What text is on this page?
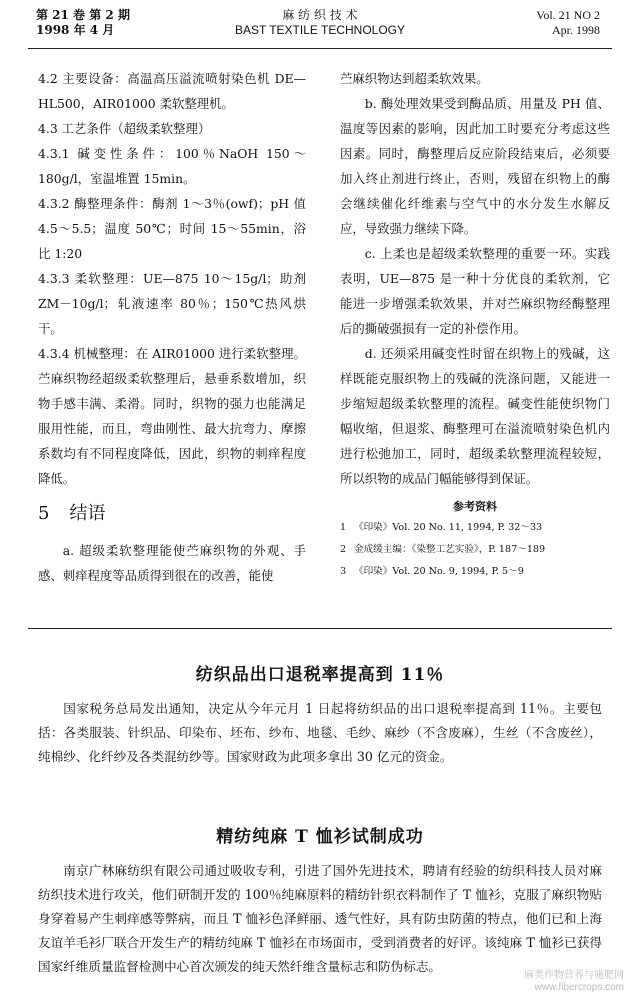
第 21 卷 第 2 期
1998 年 4 月
麻 纺 织 技 术
BAST TEXTILE TECHNOLOGY
Vol. 21 NO 2
Apr. 1998

4.2 主要设备：高温高压溢流喷射染色机 DE—HL500，AIR01000 柔软整理机。

4.3 工艺条件（超级柔软整理）

4.3.1 碱变性条件：100％NaOH 150～180g/l，室温堆置 15min。

4.3.2 酶整理条件：酶剂 1～3％(owf)；pH 值 4.5～5.5；温度 50℃；时间 15～55min，浴比 1:20

4.3.3 柔软整理：UE—875 10～15g/l；助剂 ZM－10g/l；轧液速率 80％；150℃热风烘干。

4.3.4 机械整理：在 AIR01000 进行柔软整理。苎麻织物经超级柔软整理后，悬垂系数增加，织物手感丰满、柔滑。同时，织物的强力也能满足服用性能，而且，弯曲刚性、最大抗弯力、摩擦系数均有不同程度降低，因此，织物的刺痒程度降低。

5 结语

a. 超级柔软整理能使苎麻织物的外观、手感、刺痒程度等品质得到很在的改善，能使

苎麻织物达到超柔软效果。

b. 酶处理效果受到酶品质、用量及 PH 值、温度等因素的影响，因此加工时要充分考虑这些因素。同时，酶整理后反应阶段结束后，必须要加入终止剂进行终止，否则，残留在织物上的酶会继续催化纤维素与空气中的水分发生水解反应，导致强力继续下降。

c. 上柔也是超级柔软整理的重要一环。实践表明，UE—875 是一种十分优良的柔软剂，它能进一步增强柔软效果，并对苎麻织物经酶整理后的撕破强损有一定的补偿作用。

d. 还须采用碱变性时留在织物上的残碱，这样既能克服织物上的残碱的洗涤问题，又能进一步缩短超级柔软整理的流程。碱变性能使织物门幅收缩，但退浆、酶整理可在溢流喷射染色机内进行松弛加工，同时，超级柔软整理流程较短，所以织物的成品门幅能够得到保证。

参考资料
1 《印染》Vol. 20 No. 11, 1994, P. 32～33
2 金成缓主编：《染整工艺实验》，P. 187～189
3 《印染》Vol. 20 No. 9, 1994, P. 5～9
纺织品出口退税率提高到 11％

国家税务总局发出通知，决定从今年元月 1 日起将纺织品的出口退税率提高到 11％。主要包括：各类服装、针织品、印染布、坯布、纱布、地毯、毛纱、麻纱（不含废麻），生丝（不含废丝），纯棉纱、化纤纱及各类混纺纱等。国家财政为此项多拿出 30 亿元的资金。

精纺纯麻 T 恤衫试制成功

南京广林麻纺织有限公司通过吸收专利，引进了国外先进技术，聘请有经验的纺织科技人员对麻纺织技术进行攻关，他们研制开发的 100％纯麻原料的精纺针织衣料制作了 T 恤衫，克服了麻织物贴身穿着易产生刺痒感等弊病，而且 T 恤衫色泽鲜丽、透气性好，具有防虫防菌的特点，他们已和上海友谊羊毛衫厂联合开发生产的精纺纯麻 T 恤衫在市场面市，受到消费者的好评。该纯麻 T 恤衫已获得国家纤维质量监督检测中心首次颁发的纯天然纤维含量标志和防伪标志。

麻类作物营养与施肥网
www.fibercrops.com
